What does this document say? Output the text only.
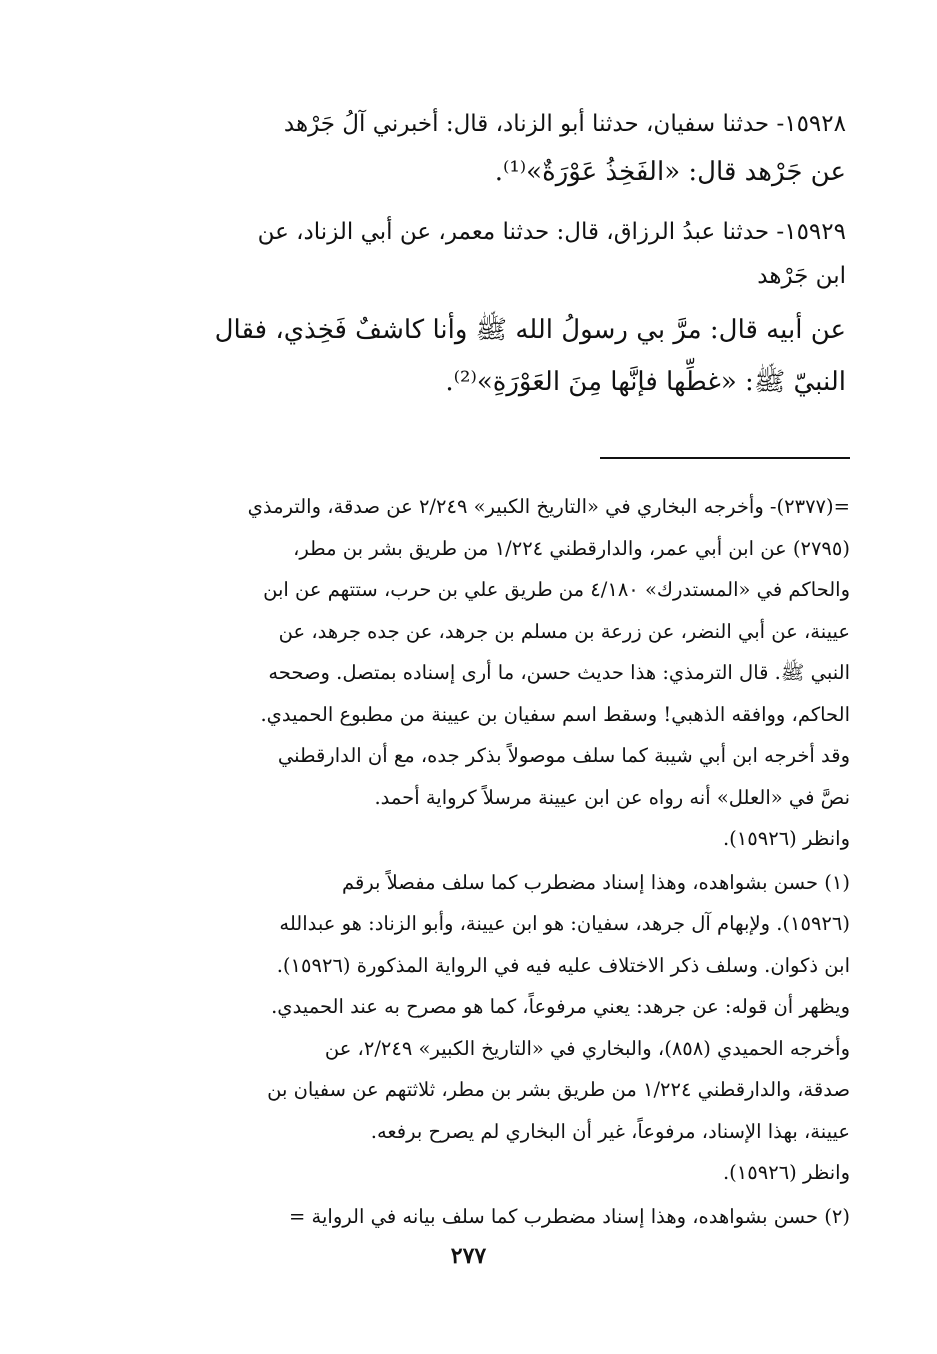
١٥٩٢٨- حدثنا سفيان، حدثنا أبو الزناد، قال: أخبرني آلُ جَرْهد
عن جَرْهد قال: «الفَخِذُ عَوْرَةٌ»⁽¹⁾.
١٥٩٢٩- حدثنا عبدُ الرزاق، قال: حدثنا معمر، عن أبي الزناد، عن
ابن جَرْهد
عن أبيه قال: مرَّ بي رسولُ الله ﷺ وأنا كاشفٌ فَخِذي، فقال
النبيّ ﷺ: «غطِّها فإنَّها مِنَ العَوْرَةِ»⁽²⁾.
=(٢٣٧٧)- وأخرجه البخاري في «التاريخ الكبير» ٢/٢٤٩ عن صدقة، والترمذي
(٢٧٩٥) عن ابن أبي عمر، والدارقطني ١/٢٢٤ من طريق بشر بن مطر،
والحاكم في «المستدرك» ٤/١٨٠ من طريق علي بن حرب، ستتهم عن ابن
عيينة، عن أبي النضر، عن زرعة بن مسلم بن جرهد، عن جده جرهد، عن
النبي ﷺ. قال الترمذي: هذا حديث حسن، ما أرى إسناده بمتصل. وصححه
الحاكم، ووافقه الذهبي! وسقط اسم سفيان بن عيينة من مطبوع الحميدي.
وقد أخرجه ابن أبي شيبة كما سلف موصولاً بذكر جده، مع أن الدارقطني
نصَّ في «العلل» أنه رواه عن ابن عيينة مرسلاً كرواية أحمد.
وانظر (١٥٩٢٦).
(١) حسن بشواهده، وهذا إسناد مضطرب كما سلف مفصلاً برقم
(١٥٩٢٦). ولإبهام آل جرهد، سفيان: هو ابن عيينة، وأبو الزناد: هو عبدالله
ابن ذكوان. وسلف ذكر الاختلاف عليه فيه في الرواية المذكورة (١٥٩٢٦).
ويظهر أن قوله: عن جرهد: يعني مرفوعاً، كما هو مصرح به عند الحميدي.
وأخرجه الحميدي (٨٥٨)، والبخاري في «التاريخ الكبير» ٢/٢٤٩، عن
صدقة، والدارقطني ١/٢٢٤ من طريق بشر بن مطر، ثلاثتهم عن سفيان بن
عيينة، بهذا الإسناد، مرفوعاً، غير أن البخاري لم يصرح برفعه.
وانظر (١٥٩٢٦).
(٢) حسن بشواهده، وهذا إسناد مضطرب كما سلف بيانه في الرواية =
٢٧٧
